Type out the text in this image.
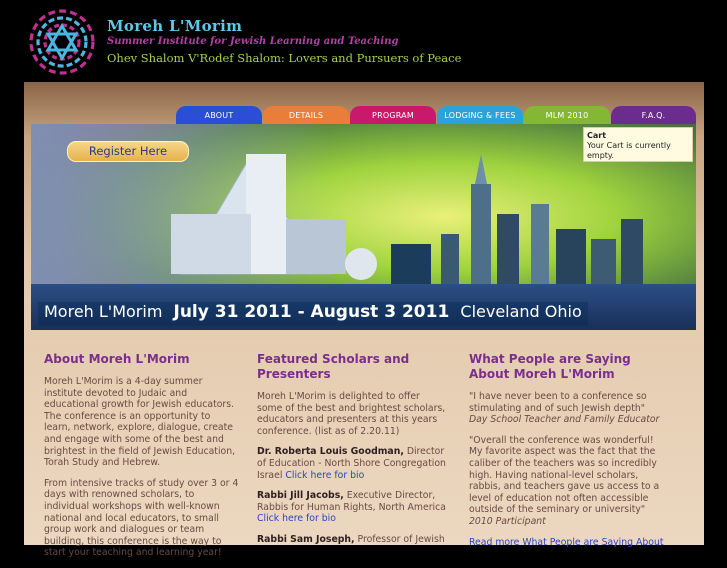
Moreh L'Morim
Summer Institute for Jewish Learning and Teaching
Ohev Shalom V'Rodef Shalom: Lovers and Pursuers of Peace
ABOUT	DETAILS	PROGRAM	LODGING & FEES	MLM 2010	F.A.Q.
Register Here
Cart
Your Cart is currently empty.
Moreh L'Morim July 31 2011 - August 3 2011 Cleveland Ohio
About Moreh L'Morim

Moreh L'Morim is a 4-day summer institute devoted to Judaic and educational growth for Jewish educators. The conference is an opportunity to learn, network, explore, dialogue, create and engage with some of the best and brightest in the field of Jewish Education, Torah Study and Hebrew.

From intensive tracks of study over 3 or 4 days with renowned scholars, to individual workshops with well-known national and local educators, to small group work and dialogues or team building, this conference is the way to start your teaching and learning year!

Featured Scholars and Presenters

Moreh L'Morim is delighted to offer some of the best and brightest scholars, educators and presenters at this years conference. (list as of 2.20.11)

Dr. Roberta Louis Goodman, Director of Education - North Shore Congregation Israel Click here for bio

Rabbi Jill Jacobs, Executive Director, Rabbis for Human Rights, North America Click here for bio

Rabbi Sam Joseph, Professor of Jewish

What People are Saying About Moreh L'Morim

"I have never been to a conference so stimulating and of such Jewish depth"
Day School Teacher and Family Educator

"Overall the conference was wonderful! My favorite aspect was the fact that the caliber of the teachers was so incredibly high. Having national-level scholars, rabbis, and teachers gave us access to a level of education not often accessible outside of the seminary or university"
2010 Participant

Read more What People are Saying About
